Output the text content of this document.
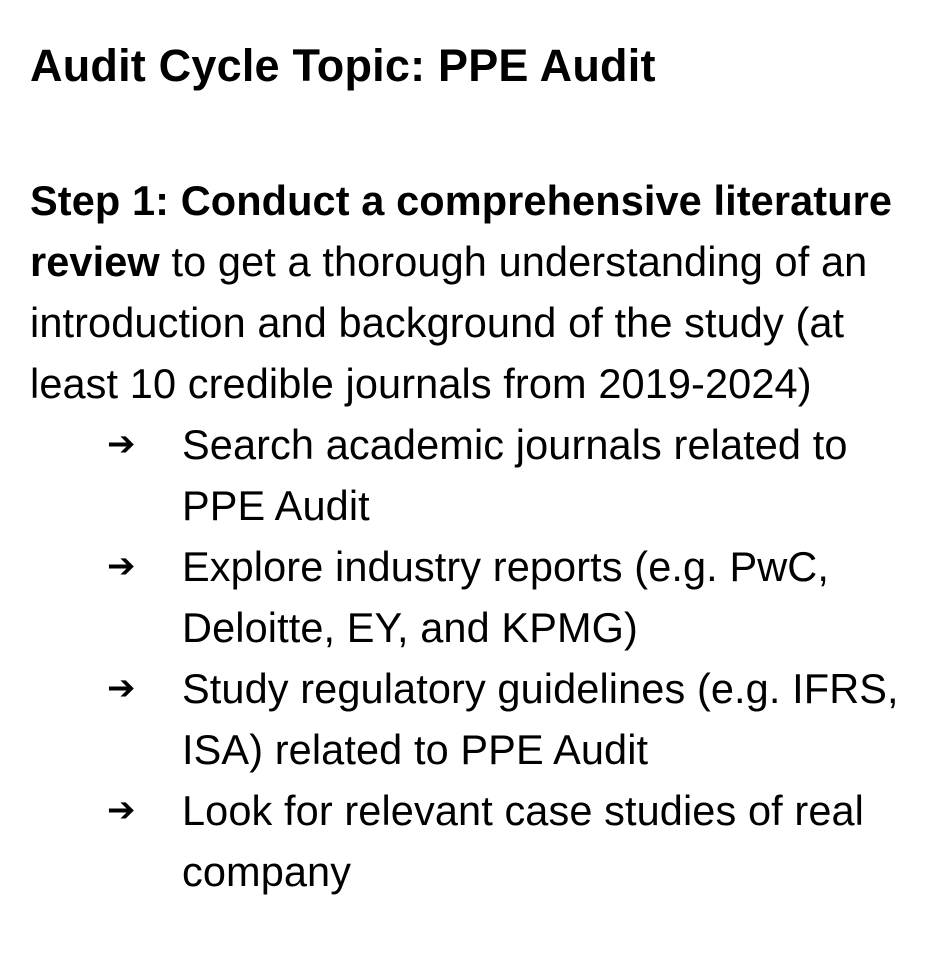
Audit Cycle Topic: PPE Audit
Step 1: Conduct a comprehensive literature review to get a thorough understanding of an introduction and background of the study (at least 10 credible journals from 2019-2024)
➔ Search academic journals related to PPE Audit
➔ Explore industry reports (e.g. PwC, Deloitte, EY, and KPMG)
➔ Study regulatory guidelines (e.g. IFRS, ISA) related to PPE Audit
➔ Look for relevant case studies of real company
